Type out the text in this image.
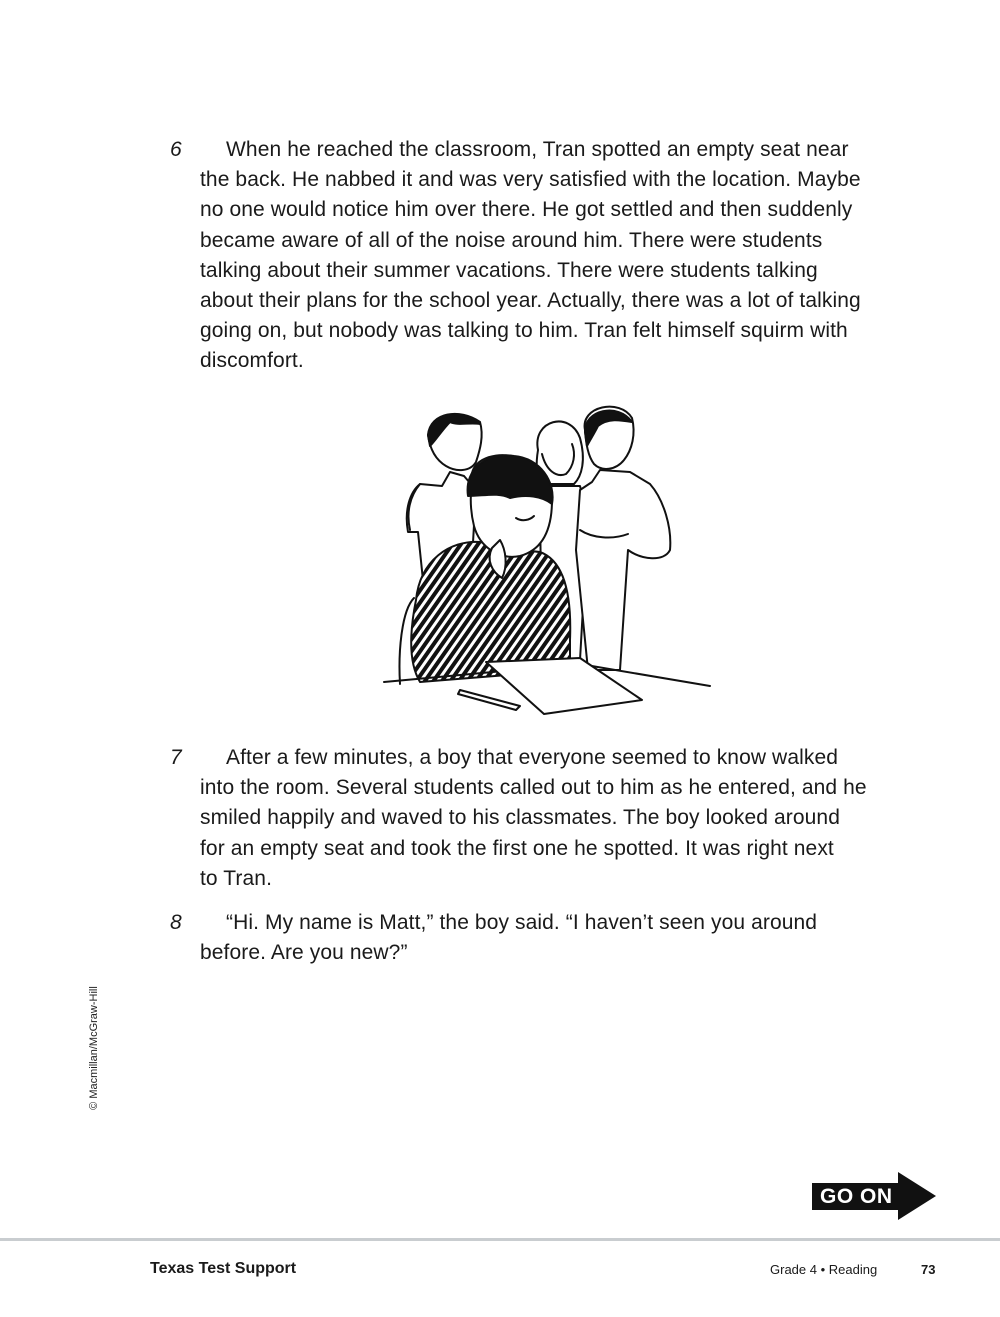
6	When he reached the classroom, Tran spotted an empty seat near
the back. He nabbed it and was very satisfied with the location. Maybe
no one would notice him over there. He got settled and then suddenly
became aware of all of the noise around him. There were students
talking about their summer vacations. There were students talking
about their plans for the school year. Actually, there was a lot of talking
going on, but nobody was talking to him. Tran felt himself squirm with
discomfort.
7	After a few minutes, a boy that everyone seemed to know walked
into the room. Several students called out to him as he entered, and he
smiled happily and waved to his classmates. The boy looked around
for an empty seat and took the first one he spotted. It was right next
to Tran.
8	“Hi. My name is Matt,” the boy said. “I haven’t seen you around
before. Are you new?”
© Macmillan/McGraw-Hill
GO ON
Texas Test Support	Grade 4 • Reading	73
